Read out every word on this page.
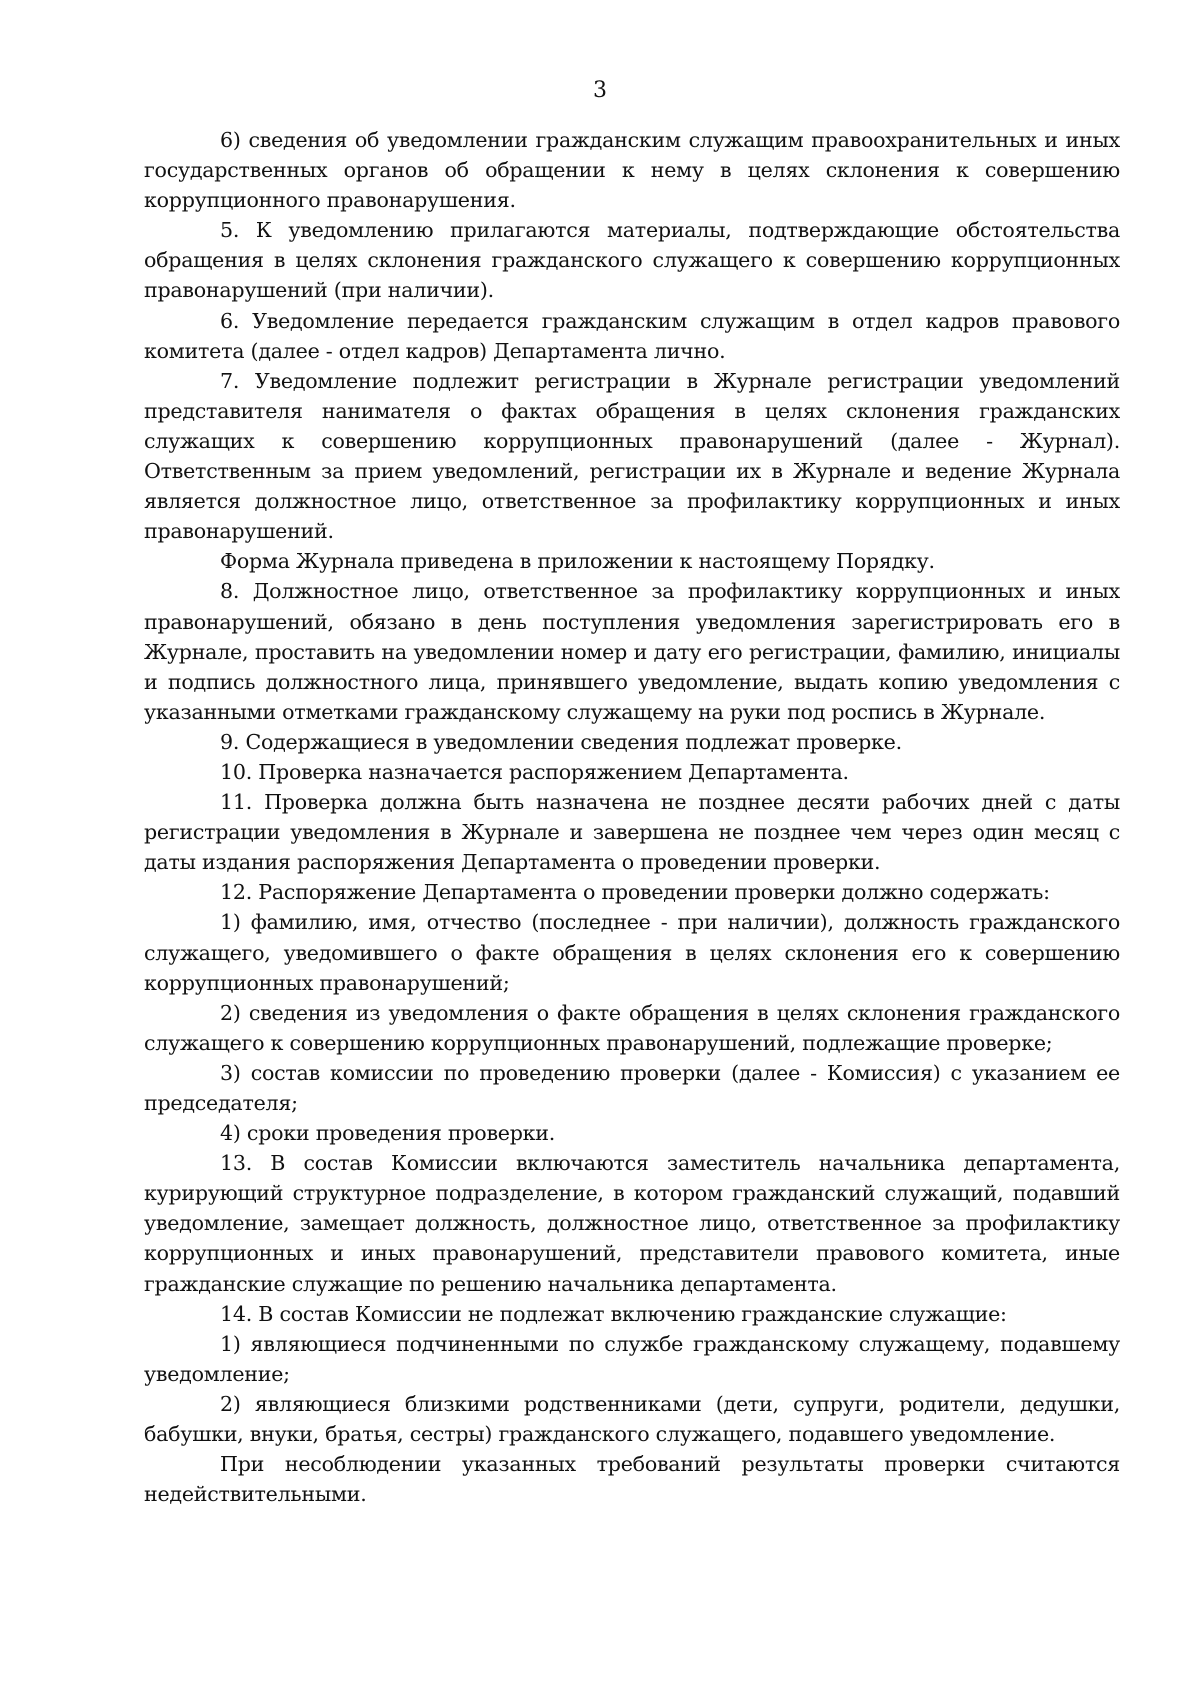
3

6) сведения об уведомлении гражданским служащим правоохранительных и иных государственных органов об обращении к нему в целях склонения к совершению коррупционного правонарушения.

5. К уведомлению прилагаются материалы, подтверждающие обстоятельства обращения в целях склонения гражданского служащего к совершению коррупционных правонарушений (при наличии).

6. Уведомление передается гражданским служащим в отдел кадров правового комитета (далее - отдел кадров) Департамента лично.

7. Уведомление подлежит регистрации в Журнале регистрации уведомлений представителя нанимателя о фактах обращения в целях склонения гражданских служащих к совершению коррупционных правонарушений (далее - Журнал). Ответственным за прием уведомлений, регистрации их в Журнале и ведение Журнала является должностное лицо, ответственное за профилактику коррупционных и иных правонарушений.

Форма Журнала приведена в приложении к настоящему Порядку.

8. Должностное лицо, ответственное за профилактику коррупционных и иных правонарушений, обязано в день поступления уведомления зарегистрировать его в Журнале, проставить на уведомлении номер и дату его регистрации, фамилию, инициалы и подпись должностного лица, принявшего уведомление, выдать копию уведомления с указанными отметками гражданскому служащему на руки под роспись в Журнале.

9. Содержащиеся в уведомлении сведения подлежат проверке.

10. Проверка назначается распоряжением Департамента.

11. Проверка должна быть назначена не позднее десяти рабочих дней с даты регистрации уведомления в Журнале и завершена не позднее чем через один месяц с даты издания распоряжения Департамента о проведении проверки.

12. Распоряжение Департамента о проведении проверки должно содержать:

1) фамилию, имя, отчество (последнее - при наличии), должность гражданского служащего, уведомившего о факте обращения в целях склонения его к совершению коррупционных правонарушений;

2) сведения из уведомления о факте обращения в целях склонения гражданского служащего к совершению коррупционных правонарушений, подлежащие проверке;

3) состав комиссии по проведению проверки (далее - Комиссия) с указанием ее председателя;

4) сроки проведения проверки.

13. В состав Комиссии включаются заместитель начальника департамента, курирующий структурное подразделение, в котором гражданский служащий, подавший уведомление, замещает должность, должностное лицо, ответственное за профилактику коррупционных и иных правонарушений, представители правового комитета, иные гражданские служащие по решению начальника департамента.

14. В состав Комиссии не подлежат включению гражданские служащие:

1) являющиеся подчиненными по службе гражданскому служащему, подавшему уведомление;

2) являющиеся близкими родственниками (дети, супруги, родители, дедушки, бабушки, внуки, братья, сестры) гражданского служащего, подавшего уведомление.

При несоблюдении указанных требований результаты проверки считаются недействительными.
